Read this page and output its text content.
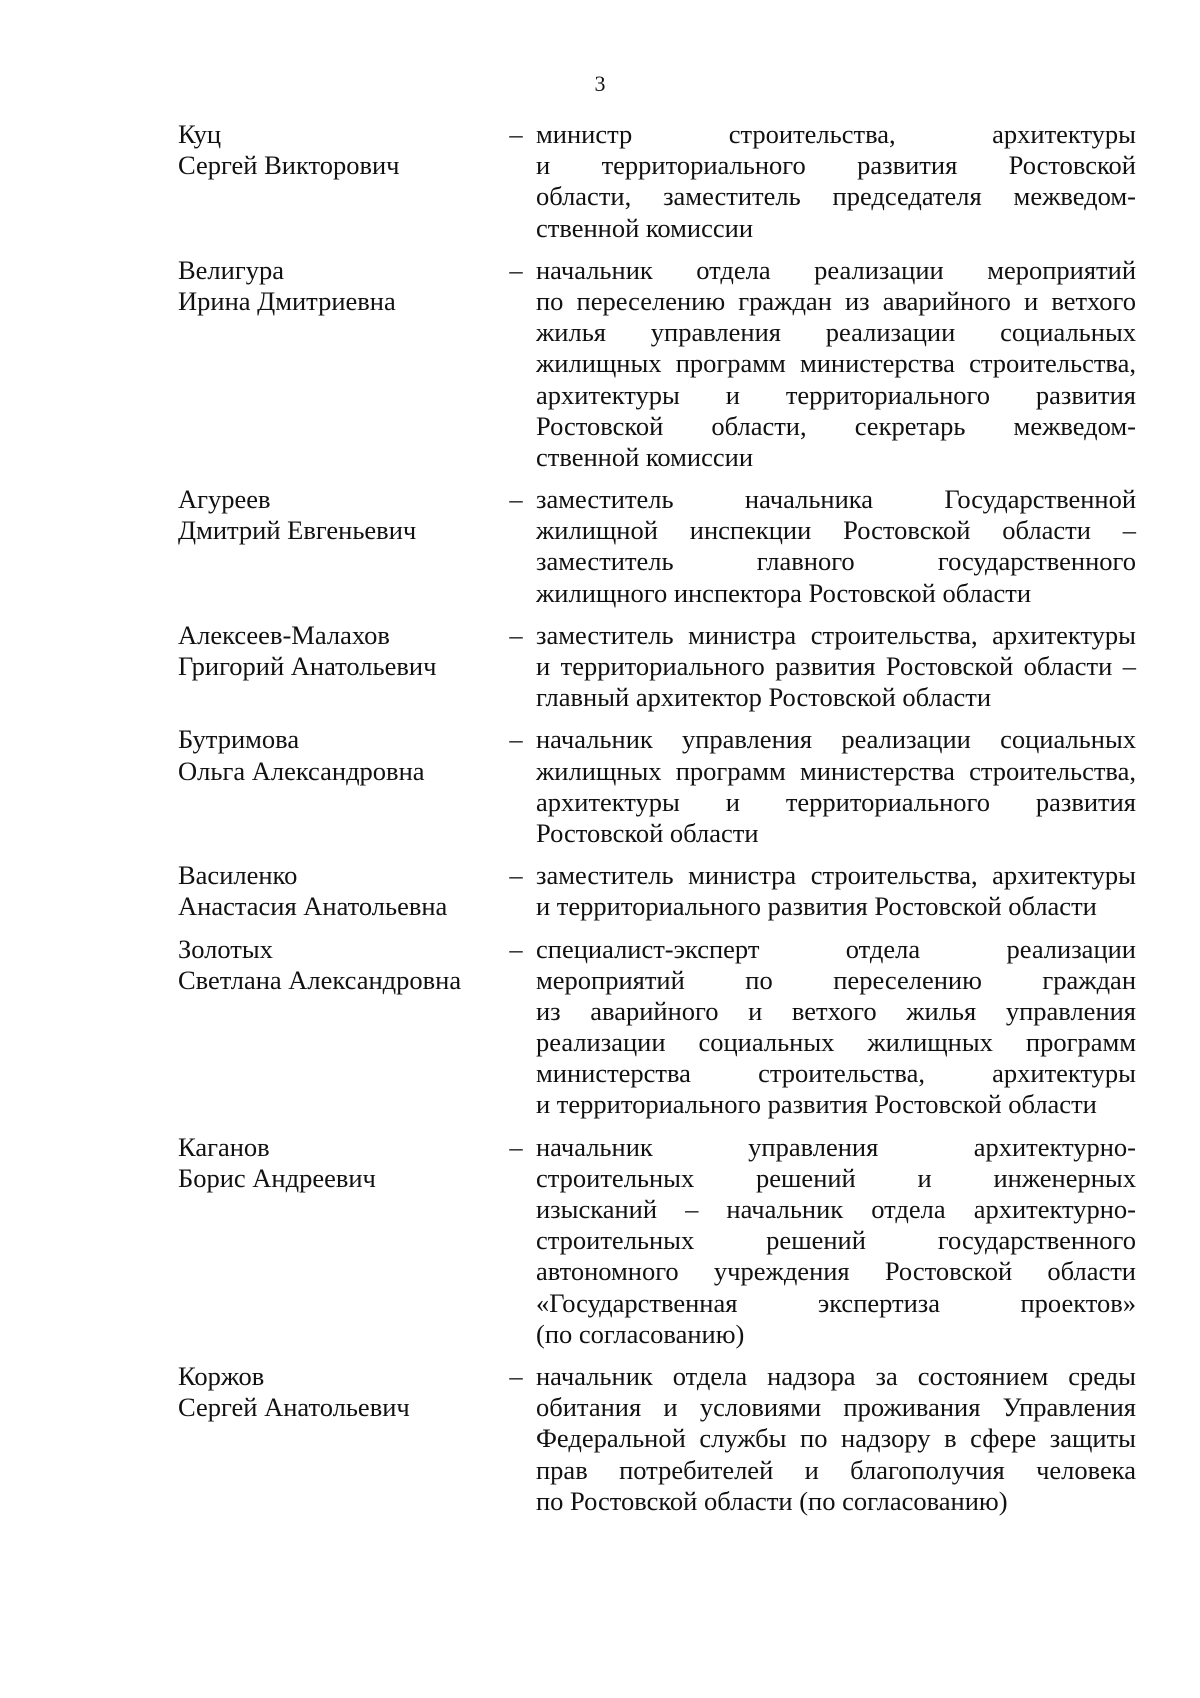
3
Куц
Сергей Викторович
– министр строительства, архитектуры
и территориального развития Ростовской
области, заместитель председателя межведом-
ственной комиссии
Велигура
Ирина Дмитриевна
– начальник отдела реализации мероприятий
по переселению граждан из аварийного и ветхого
жилья управления реализации социальных
жилищных программ министерства строительства,
архитектуры и территориального развития
Ростовской области, секретарь межведом-
ственной комиссии
Агуреев
Дмитрий Евгеньевич
– заместитель начальника Государственной
жилищной инспекции Ростовской области –
заместитель главного государственного
жилищного инспектора Ростовской области
Алексеев-Малахов
Григорий Анатольевич
– заместитель министра строительства, архитектуры
и территориального развития Ростовской области –
главный архитектор Ростовской области
Бутримова
Ольга Александровна
– начальник управления реализации социальных
жилищных программ министерства строительства,
архитектуры и территориального развития
Ростовской области
Василенко
Анастасия Анатольевна
– заместитель министра строительства, архитектуры
и территориального развития Ростовской области
Золотых
Светлана Александровна
– специалист-эксперт отдела реализации
мероприятий по переселению граждан
из аварийного и ветхого жилья управления
реализации социальных жилищных программ
министерства строительства, архитектуры
и территориального развития Ростовской области
Каганов
Борис Андреевич
– начальник управления архитектурно-
строительных решений и инженерных
изысканий – начальник отдела архитектурно-
строительных решений государственного
автономного учреждения Ростовской области
«Государственная экспертиза проектов»
(по согласованию)
Коржов
Сергей Анатольевич
– начальник отдела надзора за состоянием среды
обитания и условиями проживания Управления
Федеральной службы по надзору в сфере защиты
прав потребителей и благополучия человека
по Ростовской области (по согласованию)
